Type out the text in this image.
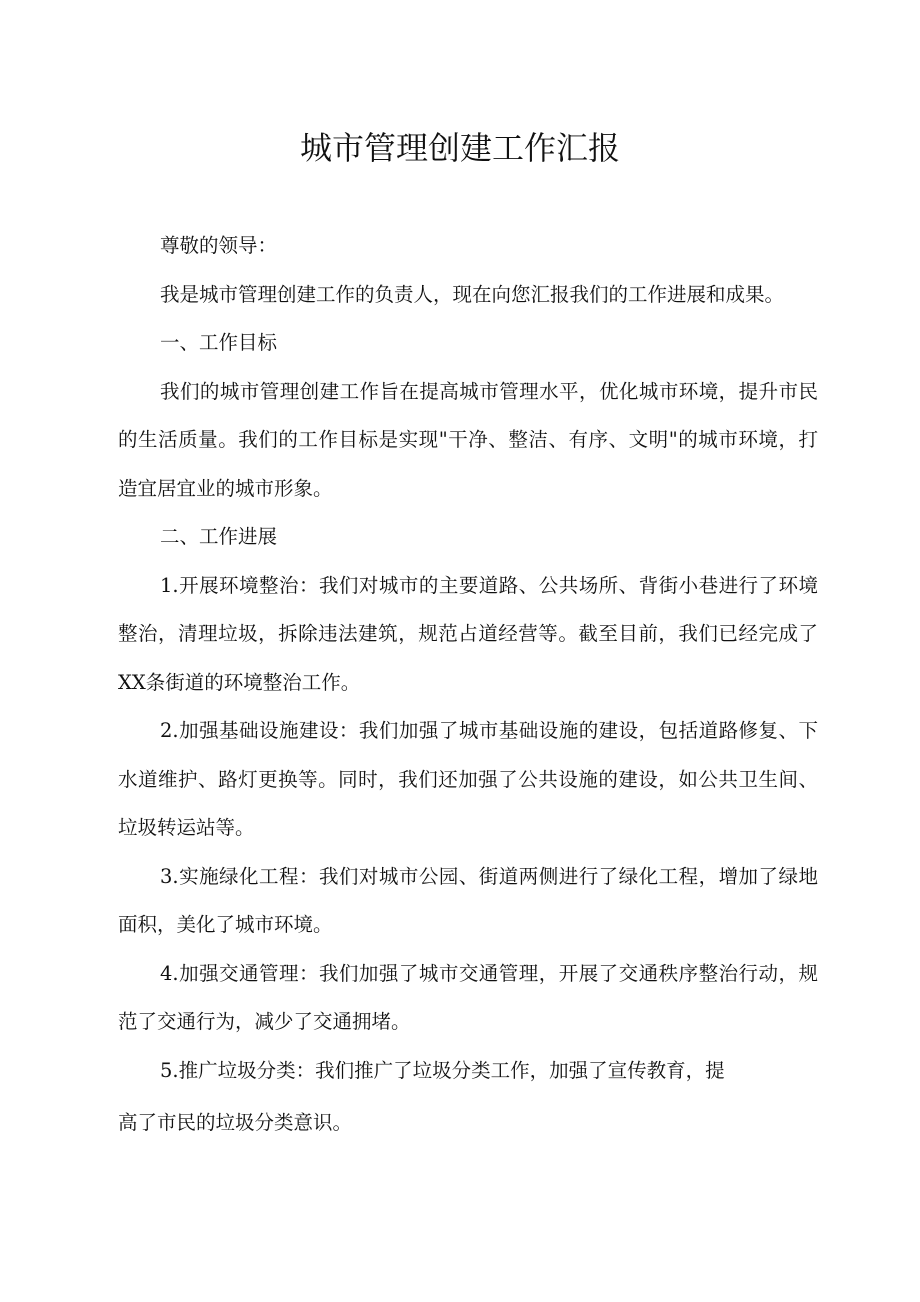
城市管理创建工作汇报

尊敬的领导：

我是城市管理创建工作的负责人，现在向您汇报我们的工作进展和成果。

一、工作目标

我们的城市管理创建工作旨在提高城市管理水平，优化城市环境，提升市民的生活质量。我们的工作目标是实现"干净、整洁、有序、文明"的城市环境，打造宜居宜业的城市形象。

二、工作进展

1.开展环境整治：我们对城市的主要道路、公共场所、背街小巷进行了环境整治，清理垃圾，拆除违法建筑，规范占道经营等。截至目前，我们已经完成了XX条街道的环境整治工作。

2.加强基础设施建设：我们加强了城市基础设施的建设，包括道路修复、下水道维护、路灯更换等。同时，我们还加强了公共设施的建设，如公共卫生间、垃圾转运站等。

3.实施绿化工程：我们对城市公园、街道两侧进行了绿化工程，增加了绿地面积，美化了城市环境。

4.加强交通管理：我们加强了城市交通管理，开展了交通秩序整治行动，规范了交通行为，减少了交通拥堵。

5.推广垃圾分类：我们推广了垃圾分类工作，加强了宣传教育，提

高了市民的垃圾分类意识。
